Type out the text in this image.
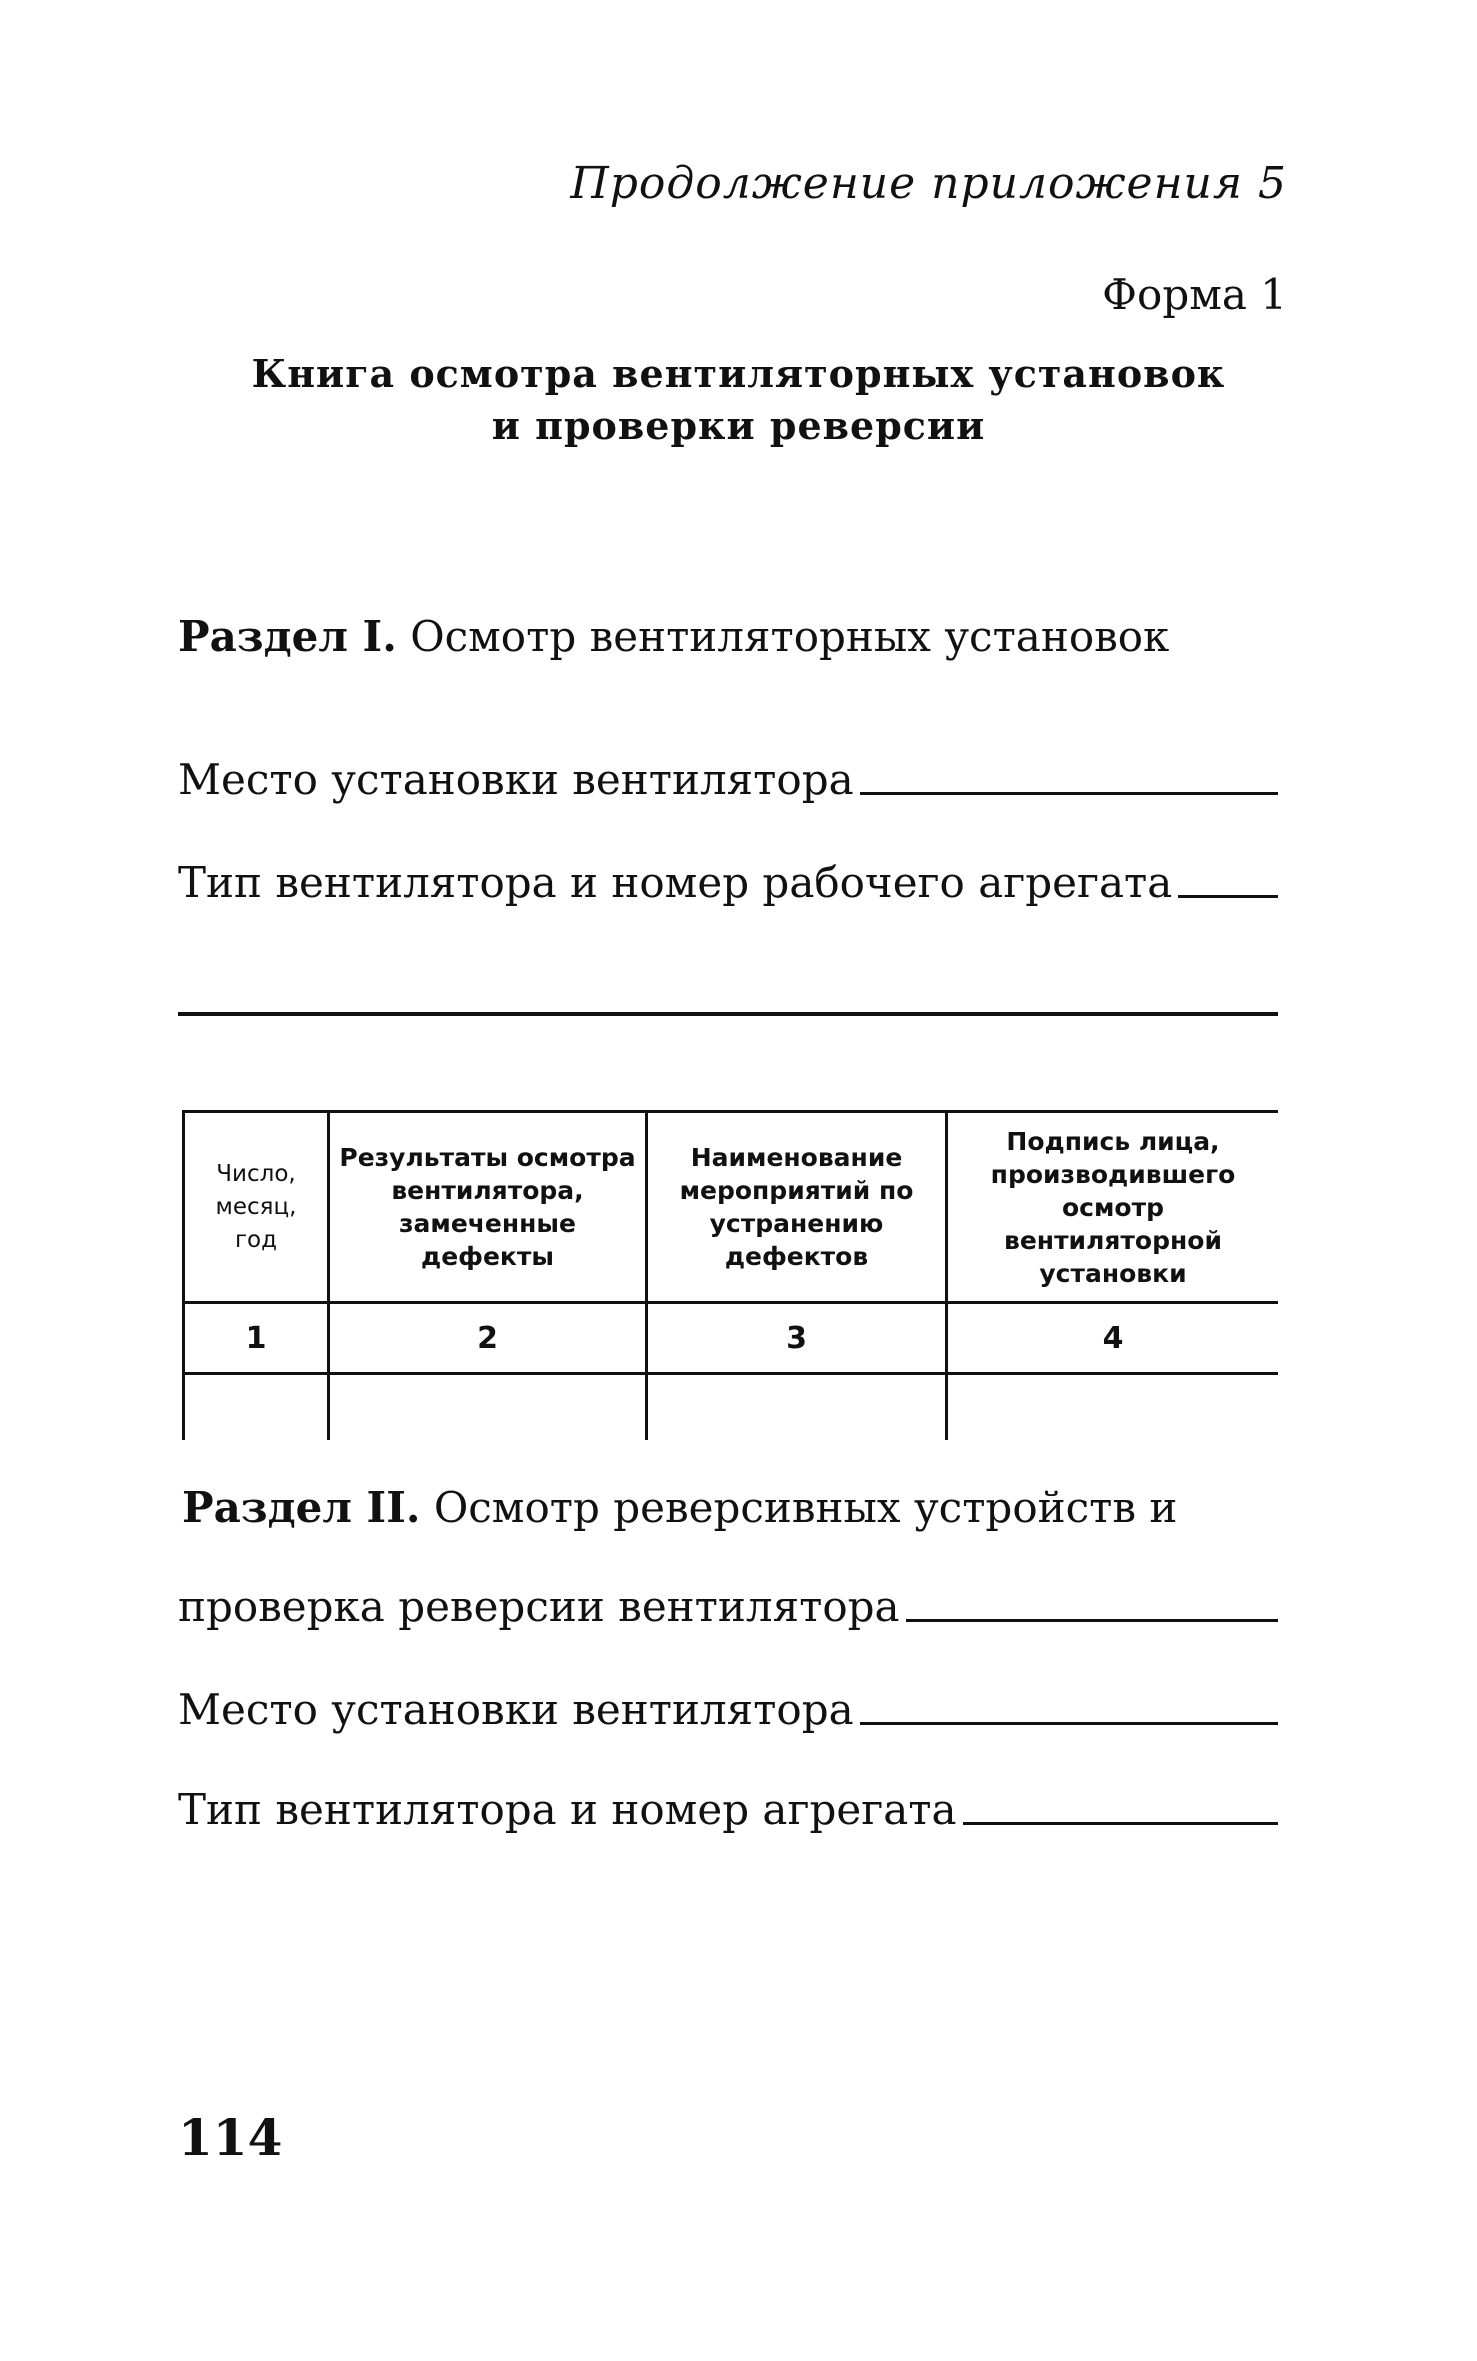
Продолжение приложения 5
Форма 1
Книга осмотра вентиляторных установок
и проверки реверсии
Раздел I. Осмотр вентиляторных установок
Место установки вентилятора
Тип вентилятора и номер рабочего агрегата
Число, месяц, год	Результаты осмотра вентилятора, замеченные дефекты	Наименование мероприятий по устранению дефектов	Подпись лица, производившего осмотр вентиляторной установки
1	2	3	4

Раздел II. Осмотр реверсивных устройств и
проверка реверсии вентилятора
Место установки вентилятора
Тип вентилятора и номер агрегата
114
